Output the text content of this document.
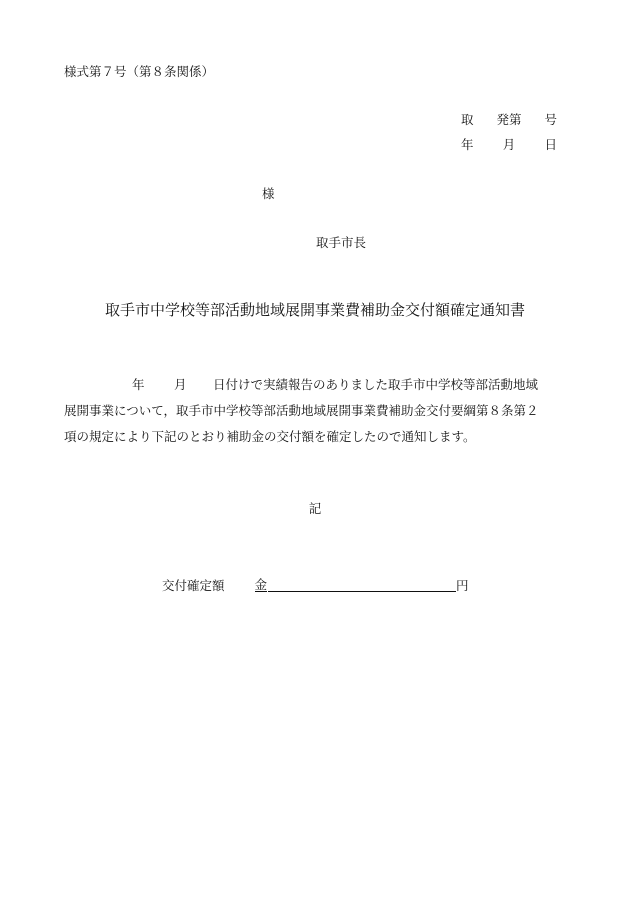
様式第７号（第８条関係）
取 発第 号
年 月 日
様
取手市長
取手市中学校等部活動地域展開事業費補助金交付額確定通知書
年 月 日付けで実績報告のありました取手市中学校等部活動地域
展開事業について，取手市中学校等部活動地域展開事業費補助金交付要綱第８条第２
項の規定により下記のとおり補助金の交付額を確定したので通知します。
記
交付確定額 金	円
